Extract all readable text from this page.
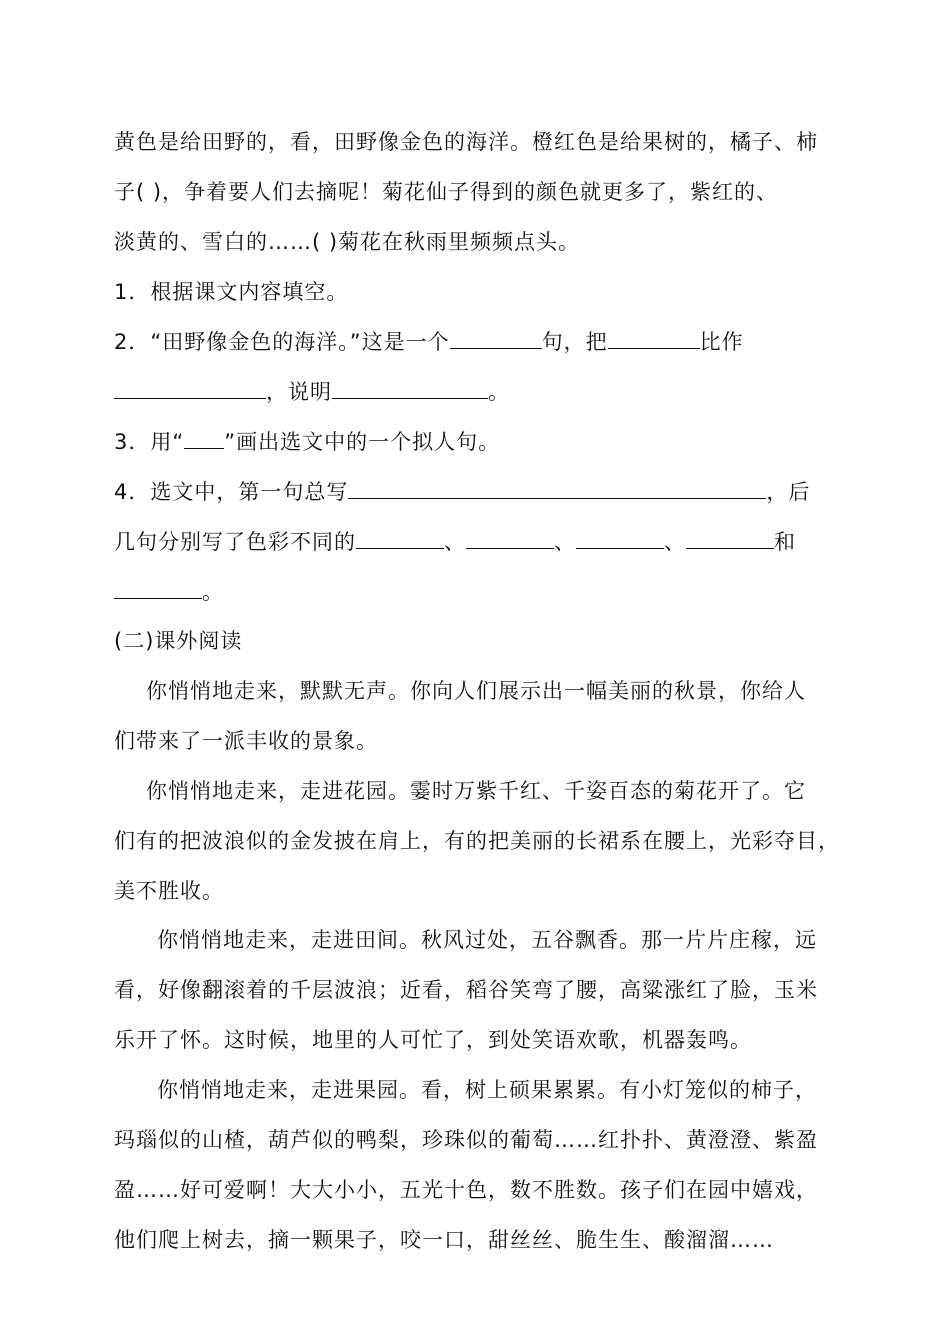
黄色是给田野的，看，田野像金色的海洋。橙红色是给果树的，橘子、柿
子( )，争着要人们去摘呢！菊花仙子得到的颜色就更多了，紫红的、
淡黄的、雪白的……( )菊花在秋雨里频频点头。
1．根据课文内容填空。
2．“田野像金色的海洋。”这是一个	句，把	比作
，说明	。
3．用“ ”画出选文中的一个拟人句。
4．选文中，第一句总写	，后
几句分别写了色彩不同的	、	、	、	和
。
(二)课外阅读
你悄悄地走来，默默无声。你向人们展示出一幅美丽的秋景，你给人
们带来了一派丰收的景象。
你悄悄地走来，走进花园。霎时万紫千红、千姿百态的菊花开了。它
们有的把波浪似的金发披在肩上，有的把美丽的长裙系在腰上，光彩夺目，
美不胜收。
你悄悄地走来，走进田间。秋风过处，五谷飘香。那一片片庄稼，远
看，好像翻滚着的千层波浪；近看，稻谷笑弯了腰，高粱涨红了脸，玉米
乐开了怀。这时候，地里的人可忙了，到处笑语欢歌，机器轰鸣。
你悄悄地走来，走进果园。看，树上硕果累累。有小灯笼似的柿子，
玛瑙似的山楂，葫芦似的鸭梨，珍珠似的葡萄……红扑扑、黄澄澄、紫盈
盈……好可爱啊！大大小小，五光十色，数不胜数。孩子们在园中嬉戏，
他们爬上树去，摘一颗果子，咬一口，甜丝丝、脆生生、酸溜溜……
